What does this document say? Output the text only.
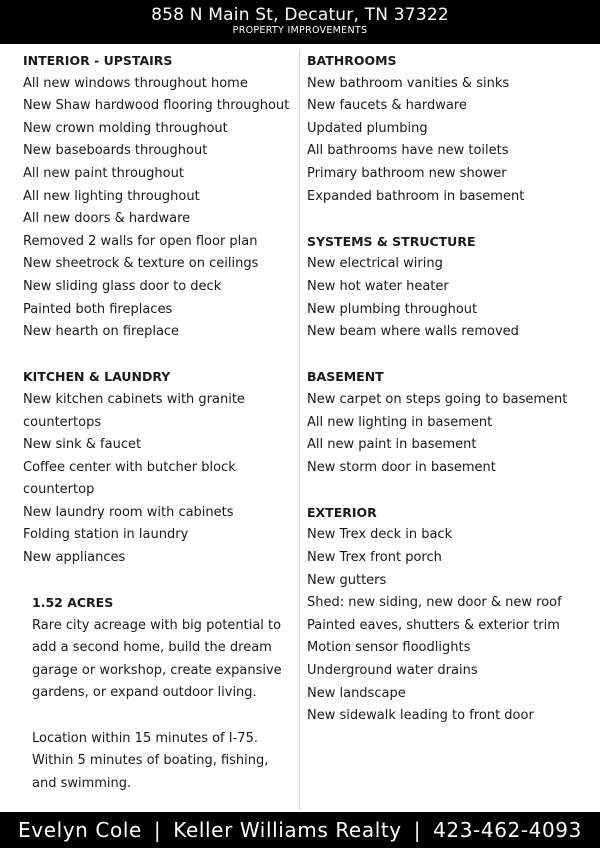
858 N Main St, Decatur, TN 37322
PROPERTY IMPROVEMENTS
INTERIOR - UPSTAIRS
All new windows throughout home
New Shaw hardwood flooring throughout
New crown molding throughout
New baseboards throughout
All new paint throughout
All new lighting throughout
All new doors & hardware
Removed 2 walls for open floor plan
New sheetrock & texture on ceilings
New sliding glass door to deck
Painted both fireplaces
New hearth on fireplace
KITCHEN & LAUNDRY
New kitchen cabinets with granite countertops
New sink & faucet
Coffee center with butcher block countertop
New laundry room with cabinets
Folding station in laundry
New appliances
1.52 ACRES
Rare city acreage with big potential to add a second home, build the dream garage or workshop, create expansive gardens, or expand outdoor living.
Location within 15 minutes of I-75. Within 5 minutes of boating, fishing, and swimming.
BATHROOMS
New bathroom vanities & sinks
New faucets & hardware
Updated plumbing
All bathrooms have new toilets
Primary bathroom new shower
Expanded bathroom in basement
SYSTEMS & STRUCTURE
New electrical wiring
New hot water heater
New plumbing throughout
New beam where walls removed
BASEMENT
New carpet on steps going to basement
All new lighting in basement
All new paint in basement
New storm door in basement
EXTERIOR
New Trex deck in back
New Trex front porch
New gutters
Shed: new siding, new door & new roof
Painted eaves, shutters & exterior trim
Motion sensor floodlights
Underground water drains
New landscape
New sidewalk leading to front door
Evelyn Cole | Keller Williams Realty | 423-462-4093
